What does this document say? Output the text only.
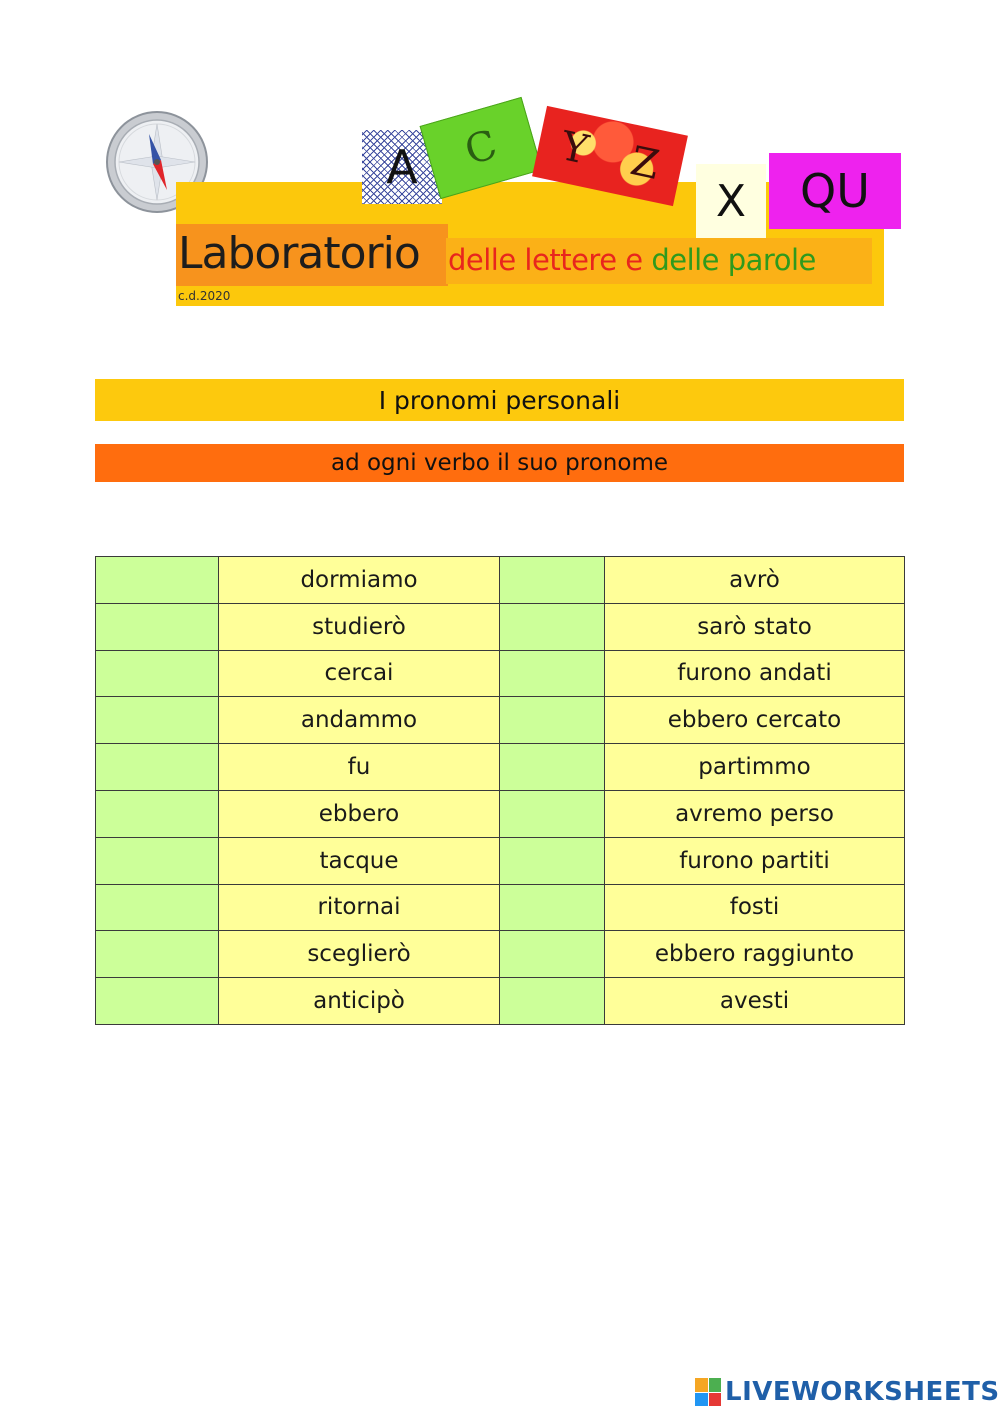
A C Y Z
X QU
Laboratorio delle lettere e delle parole
c.d.2020
I pronomi personali
ad ogni verbo il suo pronome
	dormiamo		avrò
	studierò		sarò stato
	cercai		furono andati
	andammo		ebbero cercato
	fu		partimmo
	ebbero		avremo perso
	tacque		furono partiti
	ritornai		fosti
	sceglierò		ebbero raggiunto
	anticipò		avesti
LIVEWORKSHEETS
